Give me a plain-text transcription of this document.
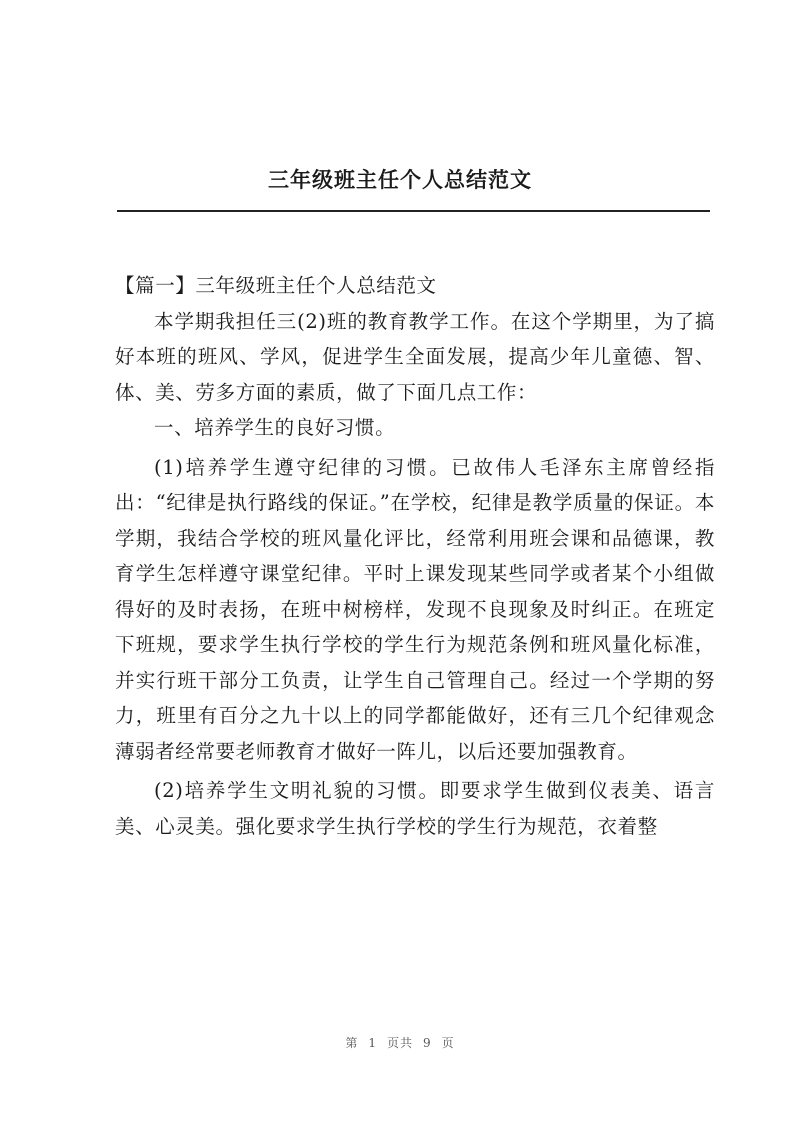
三年级班主任个人总结范文

【篇一】三年级班主任个人总结范文

本学期我担任三(2)班的教育教学工作。在这个学期里，为了搞好本班的班风、学风，促进学生全面发展，提高少年儿童德、智、体、美、劳多方面的素质，做了下面几点工作：

一、培养学生的良好习惯。

(1)培养学生遵守纪律的习惯。已故伟人毛泽东主席曾经指出：“纪律是执行路线的保证。”在学校，纪律是教学质量的保证。本学期，我结合学校的班风量化评比，经常利用班会课和品德课，教育学生怎样遵守课堂纪律。平时上课发现某些同学或者某个小组做得好的及时表扬，在班中树榜样，发现不良现象及时纠正。在班定下班规，要求学生执行学校的学生行为规范条例和班风量化标准，并实行班干部分工负责，让学生自己管理自己。经过一个学期的努力，班里有百分之九十以上的同学都能做好，还有三几个纪律观念薄弱者经常要老师教育才做好一阵儿，以后还要加强教育。

(2)培养学生文明礼貌的习惯。即要求学生做到仪表美、语言美、心灵美。强化要求学生执行学校的学生行为规范，衣着整

第 1 页共 9 页
